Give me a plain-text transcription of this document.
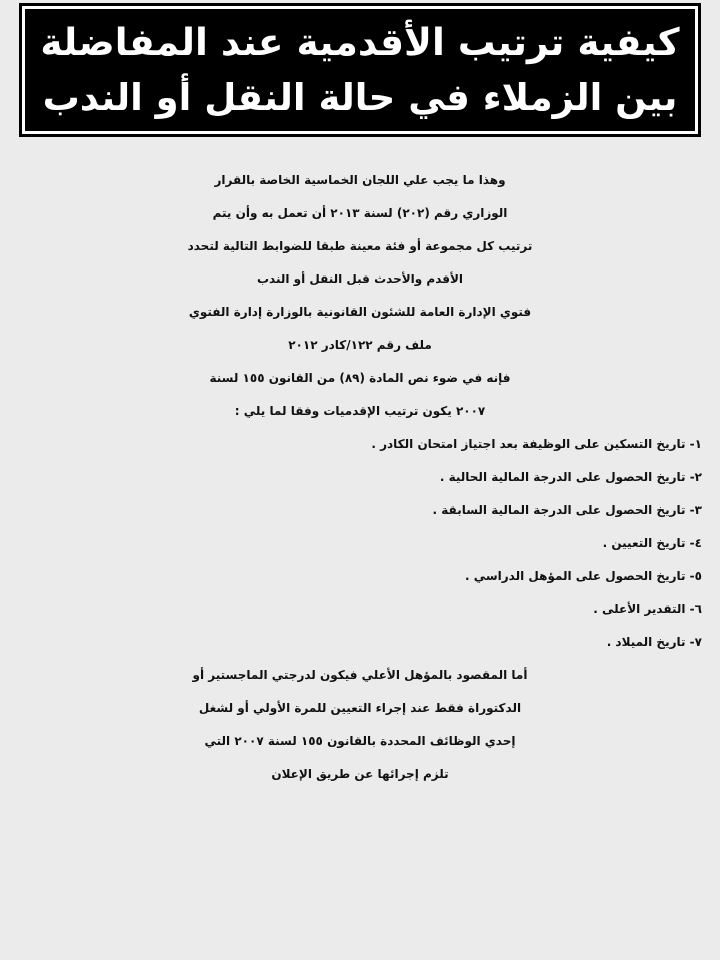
كيفية ترتيب الأقدمية عند المفاضلة
بين الزملاء في حالة النقل أو الندب
وهذا ما يجب علي اللجان الخماسية الخاصة بالقرار
الوزاري رقم (٢٠٢) لسنة ٢٠١٣ أن تعمل به وأن يتم
ترتيب كل مجموعة أو فئة معينة طبقا للضوابط التالية لتحدد
الأقدم والأحدث قبل النقل أو الندب
فتوي الإدارة العامة للشئون القانونية بالوزارة إدارة الفتوي
ملف رقم ١٢٢/كادر ٢٠١٢
فإنه في ضوء نص المادة (٨٩) من القانون ١٥٥ لسنة
٢٠٠٧ يكون ترتيب الإقدميات وفقا لما يلي :
١- تاريخ التسكين على الوظيفة بعد اجتياز امتحان الكادر .
٢- تاريخ الحصول على الدرجة المالية الحالية .
٣- تاريخ الحصول على الدرجة المالية السابقة .
٤- تاريخ التعيين .
٥- تاريخ الحصول على المؤهل الدراسي .
٦- التقدير الأعلى .
٧- تاريخ الميلاد .
أما المقصود بالمؤهل الأعلي فيكون لدرجتي الماجستير أو
الدكتوراة فقط عند إجراء التعيين للمرة الأولي أو لشغل
إحدي الوظائف المحددة بالقانون ١٥٥ لسنة ٢٠٠٧ التي
تلزم إجرائها عن طريق الإعلان
